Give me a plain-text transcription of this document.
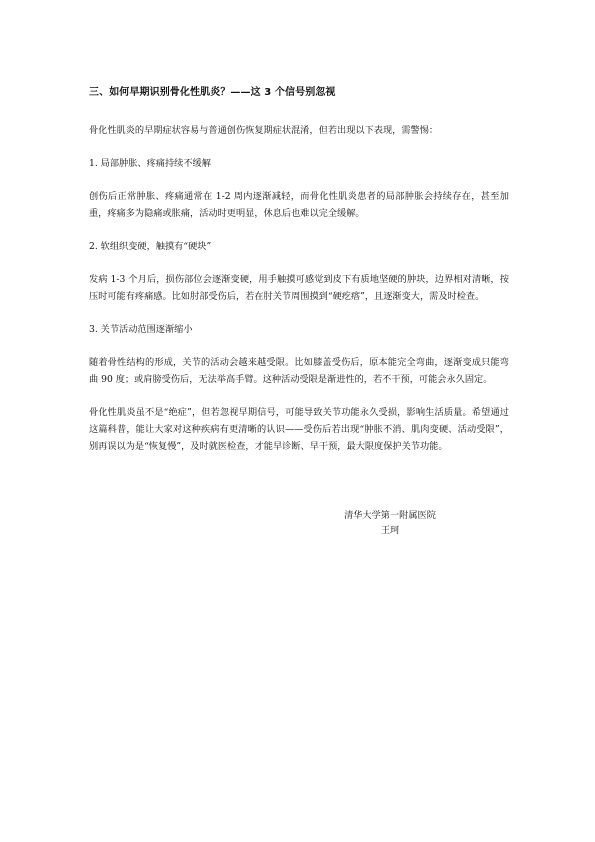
三、如何早期识别骨化性肌炎？——这 3 个信号别忽视

骨化性肌炎的早期症状容易与普通创伤恢复期症状混淆，但若出现以下表现，需警惕：

1. 局部肿胀、疼痛持续不缓解

创伤后正常肿胀、疼痛通常在 1-2 周内逐渐减轻，而骨化性肌炎患者的局部肿胀会持续存在，甚至加重，疼痛多为隐痛或胀痛，活动时更明显，休息后也难以完全缓解。

2. 软组织变硬，触摸有“硬块”

发病 1-3 个月后，损伤部位会逐渐变硬，用手触摸可感觉到皮下有质地坚硬的肿块，边界相对清晰，按压时可能有疼痛感。比如肘部受伤后，若在肘关节周围摸到“硬疙瘩”，且逐渐变大，需及时检查。

3. 关节活动范围逐渐缩小

随着骨性结构的形成，关节的活动会越来越受限。比如膝盖受伤后，原本能完全弯曲，逐渐变成只能弯曲 90 度；或肩膀受伤后，无法举高手臂。这种活动受限是渐进性的，若不干预，可能会永久固定。

骨化性肌炎虽不是“绝症”，但若忽视早期信号，可能导致关节功能永久受损，影响生活质量。希望通过这篇科普，能让大家对这种疾病有更清晰的认识——受伤后若出现“肿胀不消、肌肉变硬、活动受限”，别再误以为是“恢复慢”，及时就医检查，才能早诊断、早干预，最大限度保护关节功能。

清华大学第一附属医院
王珂
